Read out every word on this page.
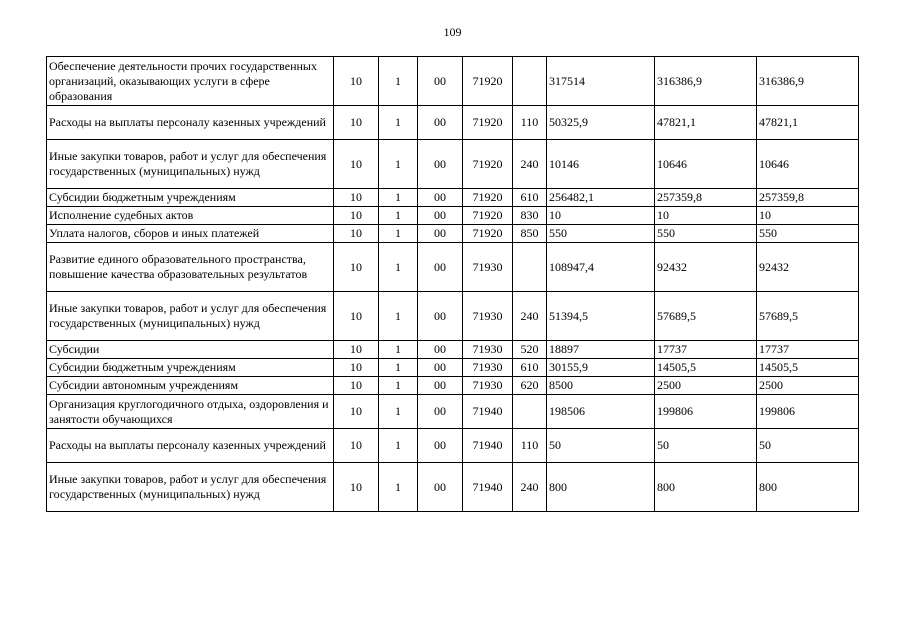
109
Обеспечение деятельности прочих государственных организаций, оказывающих услуги в сфере образования	10	1	00	71920		317514	316386,9	316386,9
Расходы на выплаты персоналу казенных учреждений	10	1	00	71920	110	50325,9	47821,1	47821,1
Иные закупки товаров, работ и услуг для обеспечения государственных (муниципальных) нужд	10	1	00	71920	240	10146	10646	10646
Субсидии бюджетным учреждениям	10	1	00	71920	610	256482,1	257359,8	257359,8
Исполнение судебных актов	10	1	00	71920	830	10	10	10
Уплата налогов, сборов и иных платежей	10	1	00	71920	850	550	550	550
Развитие единого образовательного пространства, повышение качества образовательных результатов	10	1	00	71930		108947,4	92432	92432
Иные закупки товаров, работ и услуг для обеспечения государственных (муниципальных) нужд	10	1	00	71930	240	51394,5	57689,5	57689,5
Субсидии	10	1	00	71930	520	18897	17737	17737
Субсидии бюджетным учреждениям	10	1	00	71930	610	30155,9	14505,5	14505,5
Субсидии автономным учреждениям	10	1	00	71930	620	8500	2500	2500
Организация круглогодичного отдыха, оздоровления и занятости обучающихся	10	1	00	71940		198506	199806	199806
Расходы на выплаты персоналу казенных учреждений	10	1	00	71940	110	50	50	50
Иные закупки товаров, работ и услуг для обеспечения государственных (муниципальных) нужд	10	1	00	71940	240	800	800	800
